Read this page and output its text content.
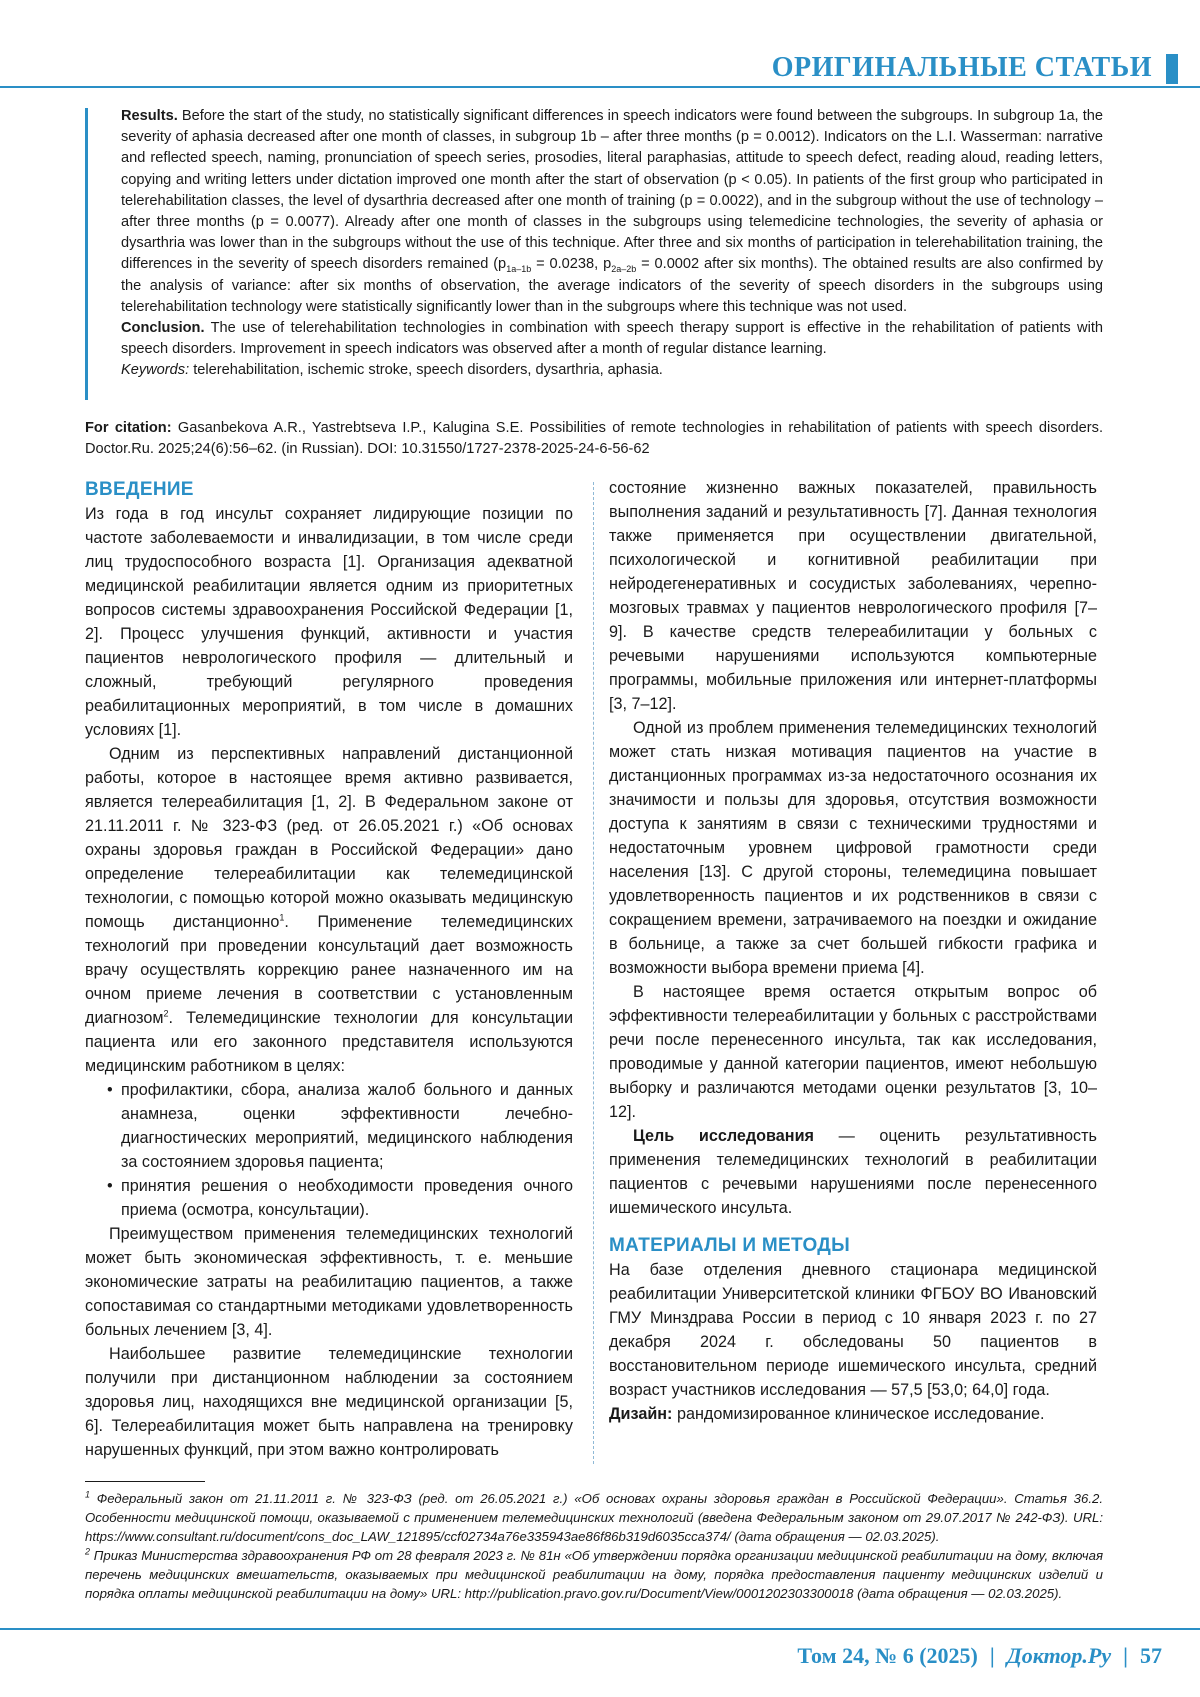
ОРИГИНАЛЬНЫЕ СТАТЬИ

Results. Before the start of the study, no statistically significant differences in speech indicators were found between the subgroups. In subgroup 1a, the severity of aphasia decreased after one month of classes, in subgroup 1b – after three months (p = 0.0012). Indicators on the L.I. Wasserman: narrative and reflected speech, naming, pronunciation of speech series, prosodies, literal paraphasias, attitude to speech defect, reading aloud, reading letters, copying and writing letters under dictation improved one month after the start of observation (p < 0.05). In patients of the first group who participated in telerehabilitation classes, the level of dysarthria decreased after one month of training (p = 0.0022), and in the subgroup without the use of technology – after three months (p = 0.0077). Already after one month of classes in the subgroups using telemedicine technologies, the severity of aphasia or dysarthria was lower than in the subgroups without the use of this technique. After three and six months of participation in telerehabilitation training, the differences in the severity of speech disorders remained (p1a–1b = 0.0238, p2a–2b = 0.0002 after six months). The obtained results are also confirmed by the analysis of variance: after six months of observation, the average indicators of the severity of speech disorders in the subgroups using telerehabilitation technology were statistically significantly lower than in the subgroups where this technique was not used.

Conclusion. The use of telerehabilitation technologies in combination with speech therapy support is effective in the rehabilitation of patients with speech disorders. Improvement in speech indicators was observed after a month of regular distance learning.

Keywords: telerehabilitation, ischemic stroke, speech disorders, dysarthria, aphasia.

For citation: Gasanbekova A.R., Yastrebtseva I.P., Kalugina S.E. Possibilities of remote technologies in rehabilitation of patients with speech disorders. Doctor.Ru. 2025;24(6):56–62. (in Russian). DOI: 10.31550/1727-2378-2025-24-6-56-62

ВВЕДЕНИЕ

Из года в год инсульт сохраняет лидирующие позиции по частоте заболеваемости и инвалидизации, в том числе среди лиц трудоспособного возраста [1]. Организация адекватной медицинской реабилитации является одним из приоритетных вопросов системы здравоохранения Российской Федерации [1, 2]. Процесс улучшения функций, активности и участия пациентов неврологического профиля — длительный и сложный, требующий регулярного проведения реабилитационных мероприятий, в том числе в домашних условиях [1].

Одним из перспективных направлений дистанционной работы, которое в настоящее время активно развивается, является телереабилитация [1, 2]. В Федеральном законе от 21.11.2011 г. № 323-ФЗ (ред. от 26.05.2021 г.) «Об основах охраны здоровья граждан в Российской Федерации» дано определение телереабилитации как телемедицинской технологии, с помощью которой можно оказывать медицинскую помощь дистанционно1. Применение телемедицинских технологий при проведении консультаций дает возможность врачу осуществлять коррекцию ранее назначенного им на очном приеме лечения в соответствии с установленным диагнозом2. Телемедицинские технологии для консультации пациента или его законного представителя используются медицинским работником в целях:

• профилактики, сбора, анализа жалоб больного и данных анамнеза, оценки эффективности лечебно-диагностических мероприятий, медицинского наблюдения за состоянием здоровья пациента;
• принятия решения о необходимости проведения очного приема (осмотра, консультации).

Преимуществом применения телемедицинских технологий может быть экономическая эффективность, т. е. меньшие экономические затраты на реабилитацию пациентов, а также сопоставимая со стандартными методиками удовлетворенность больных лечением [3, 4].

Наибольшее развитие телемедицинские технологии получили при дистанционном наблюдении за состоянием здоровья лиц, находящихся вне медицинской организации [5, 6]. Телереабилитация может быть направлена на тренировку нарушенных функций, при этом важно контролировать

состояние жизненно важных показателей, правильность выполнения заданий и результативность [7]. Данная технология также применяется при осуществлении двигательной, психологической и когнитивной реабилитации при нейродегенеративных и сосудистых заболеваниях, черепно-мозговых травмах у пациентов неврологического профиля [7–9]. В качестве средств телереабилитации у больных с речевыми нарушениями используются компьютерные программы, мобильные приложения или интернет-платформы [3, 7–12].

Одной из проблем применения телемедицинских технологий может стать низкая мотивация пациентов на участие в дистанционных программах из-за недостаточного осознания их значимости и пользы для здоровья, отсутствия возможности доступа к занятиям в связи с техническими трудностями и недостаточным уровнем цифровой грамотности среди населения [13]. С другой стороны, телемедицина повышает удовлетворенность пациентов и их родственников в связи с сокращением времени, затрачиваемого на поездки и ожидание в больнице, а также за счет большей гибкости графика и возможности выбора времени приема [4].

В настоящее время остается открытым вопрос об эффективности телереабилитации у больных с расстройствами речи после перенесенного инсульта, так как исследования, проводимые у данной категории пациентов, имеют небольшую выборку и различаются методами оценки результатов [3, 10–12].

Цель исследования — оценить результативность применения телемедицинских технологий в реабилитации пациентов с речевыми нарушениями после перенесенного ишемического инсульта.

МАТЕРИАЛЫ И МЕТОДЫ

На базе отделения дневного стационара медицинской реабилитации Университетской клиники ФГБОУ ВО Ивановский ГМУ Минздрава России в период с 10 января 2023 г. по 27 декабря 2024 г. обследованы 50 пациентов в восстановительном периоде ишемического инсульта, средний возраст участников исследования — 57,5 [53,0; 64,0] года.

Дизайн: рандомизированное клиническое исследование.

1 Федеральный закон от 21.11.2011 г. № 323-ФЗ (ред. от 26.05.2021 г.) «Об основах охраны здоровья граждан в Российской Федерации». Статья 36.2. Особенности медицинской помощи, оказываемой с применением телемедицинских технологий (введена Федеральным законом от 29.07.2017 № 242-ФЗ). URL: https://www.consultant.ru/document/cons_doc_LAW_121895/ccf02734a76e335943ae86f86b319d6035cca374/ (дата обращения — 02.03.2025).

2 Приказ Министерства здравоохранения РФ от 28 февраля 2023 г. № 81н «Об утверждении порядка организации медицинской реабилитации на дому, включая перечень медицинских вмешательств, оказываемых при медицинской реабилитации на дому, порядка предоставления пациенту медицинских изделий и порядка оплаты медицинской реабилитации на дому» URL: http://publication.pravo.gov.ru/Document/View/0001202303300018 (дата обращения — 02.03.2025).

Том 24, № 6 (2025) | Доктор.Ру | 57
